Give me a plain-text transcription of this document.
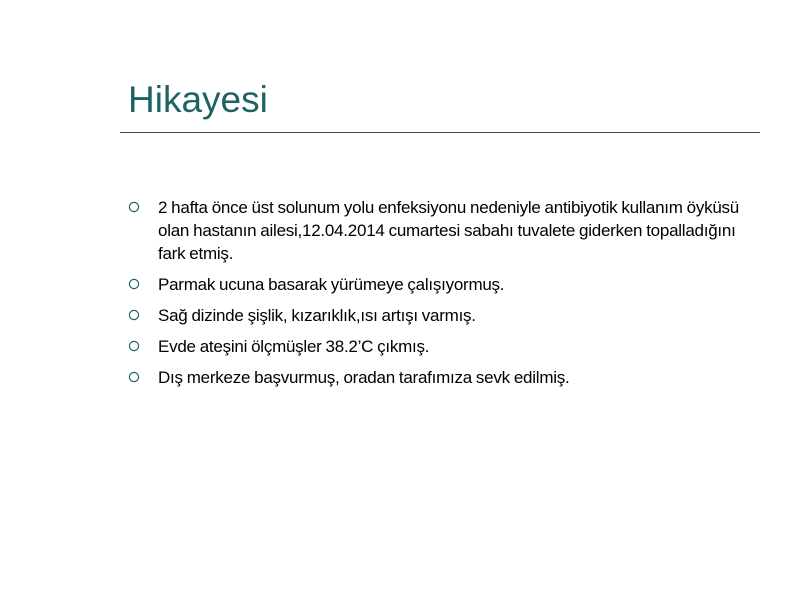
Hikayesi
2 hafta önce üst solunum yolu enfeksiyonu nedeniyle antibiyotik kullanım öyküsü olan hastanın ailesi,12.04.2014 cumartesi sabahı tuvalete giderken topalladığını fark etmiş.
Parmak ucuna basarak yürümeye çalışıyormuş.
Sağ dizinde şişlik, kızarıklık,ısı artışı varmış.
Evde ateşini ölçmüşler 38.2’C çıkmış.
Dış merkeze başvurmuş, oradan tarafımıza sevk edilmiş.
